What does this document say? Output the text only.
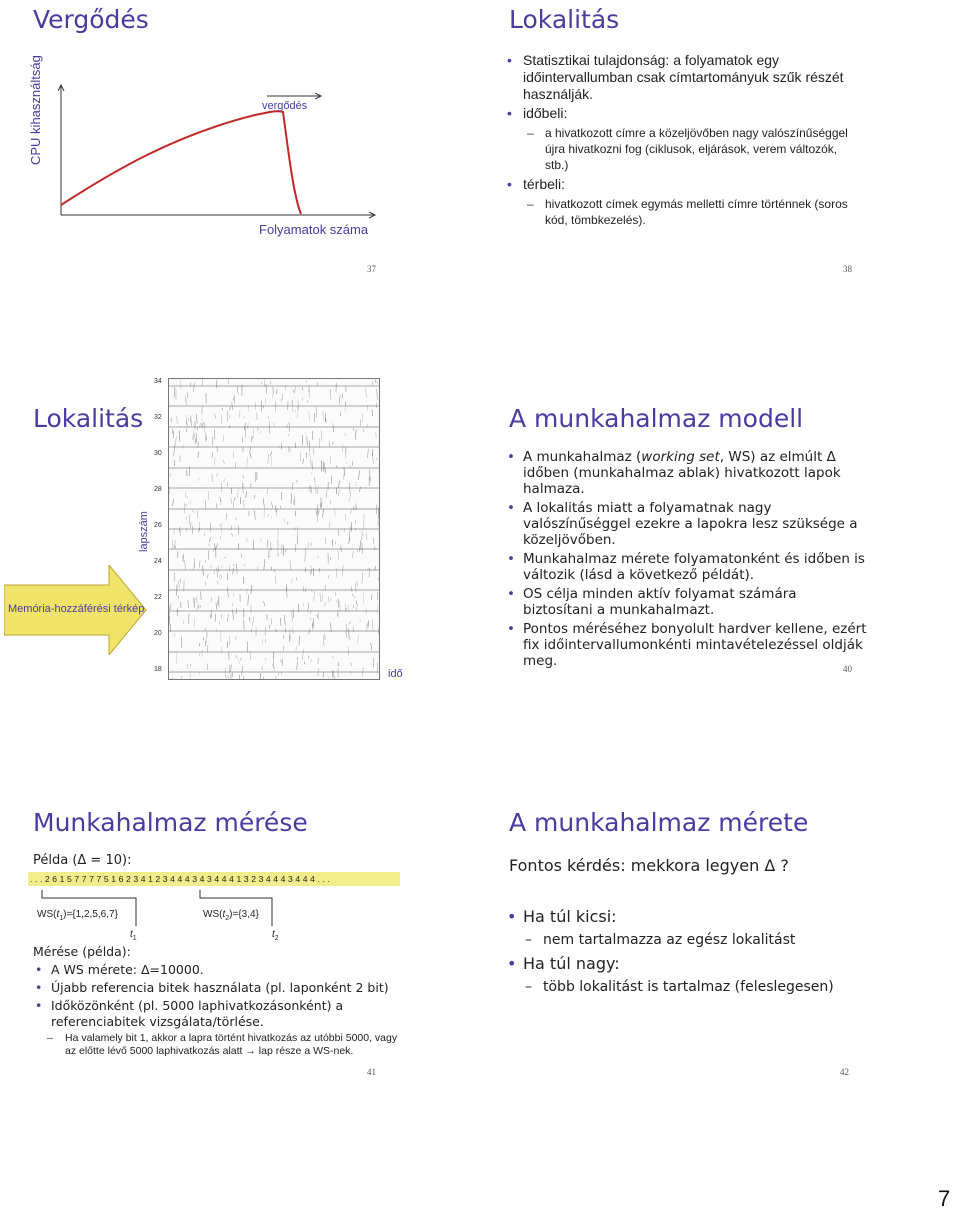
Vergődés
CPU kihasználtság	vergődés
Folyamatok száma
37
Lokalitás
• Statisztikai tulajdonság: a folyamatok egy időintervallumban csak címtartományuk szűk részét használják.
• időbeli:
– a hivatkozott címre a közeljövőben nagy valószínűséggel újra hivatkozni fog (ciklusok, eljárások, verem változók, stb.)
• térbeli:
– hivatkozott címek egymás melletti címre történnek (soros kód, tömbkezelés).
38
Lokalitás
Memória-hozzáférési térkép
lapszám
34
32
30
28
26
24
22
20
18	idő
A munkahalmaz modell
• A munkahalmaz (working set, WS) az elmúlt Δ időben (munkahalmaz ablak) hivatkozott lapok halmaza.
• A lokalitás miatt a folyamatnak nagy valószínűséggel ezekre a lapokra lesz szüksége a közeljövőben.
• Munkahalmaz mérete folyamatonként és időben is változik (lásd a következő példát).
• OS célja minden aktív folyamat számára biztosítani a munkahalmazt.
• Pontos méréséhez bonyolult hardver kellene, ezért fix időintervallumonkénti mintavételezéssel oldják meg.	40
Munkahalmaz mérése
Példa (Δ = 10):
. . . 2 6 1 5 7 7 7 7 5 1 6 2 3 4 1 2 3 4 4 4 3 4 3 4 4 4 1 3 2 3 4 4 4 3 4 4 4 . . .
$WS(t_1)=\{1,2,5,6,7\}$	$WS(t_2)=\{3,4\}$
$t_1$	$t_2$
Mérése (példa):
• A WS mérete: Δ=10000.
• Újabb referencia bitek használata (pl. laponként 2 bit)
• Időközönként (pl. 5000 laphivatkozásonként) a referenciabitek vizsgálata/törlése.
– Ha valamely bit 1, akkor a lapra történt hivatkozás az utóbbi 5000, vagy az előtte lévő 5000 laphivatkozás alatt → lap része a WS-nek.
41
A munkahalmaz mérete
Fontos kérdés: mekkora legyen Δ ?
• Ha túl kicsi:
– nem tartalmazza az egész lokalitást
• Ha túl nagy:
– több lokalitást is tartalmaz (feleslegesen)
42
7
